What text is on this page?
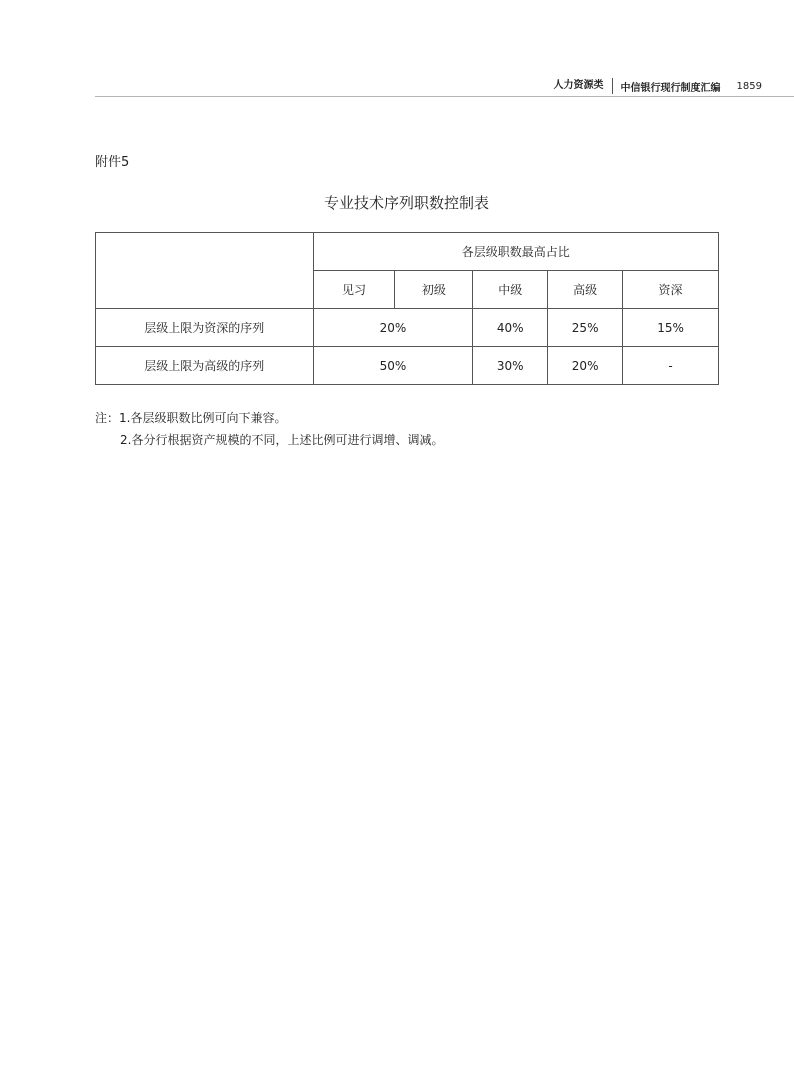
人力资源类	中信银行现行制度汇编 1859
附件5
专业技术序列职数控制表
	各层级职数最高占比				
	见习	初级	中级	高级	资深
层级上限为资深的序列	20%		40%	25%	15%
层级上限为高级的序列	50%		30%	20%	-
注：1.各层级职数比例可向下兼容。
2.各分行根据资产规模的不同，上述比例可进行调增、调减。
